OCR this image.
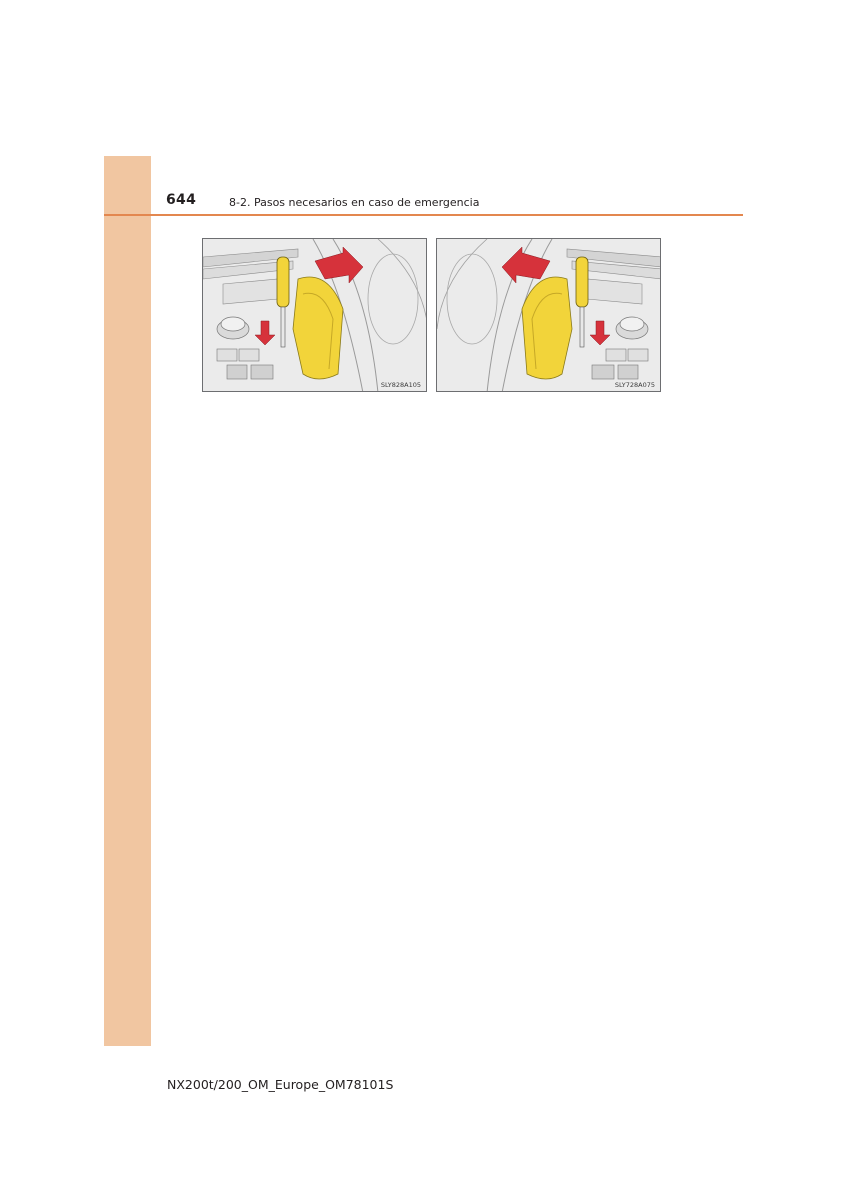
644	8-2. Pasos necesarios en caso de emergencia
SLY828A105	SLY728A075
NX200t/200_OM_Europe_OM78101S
